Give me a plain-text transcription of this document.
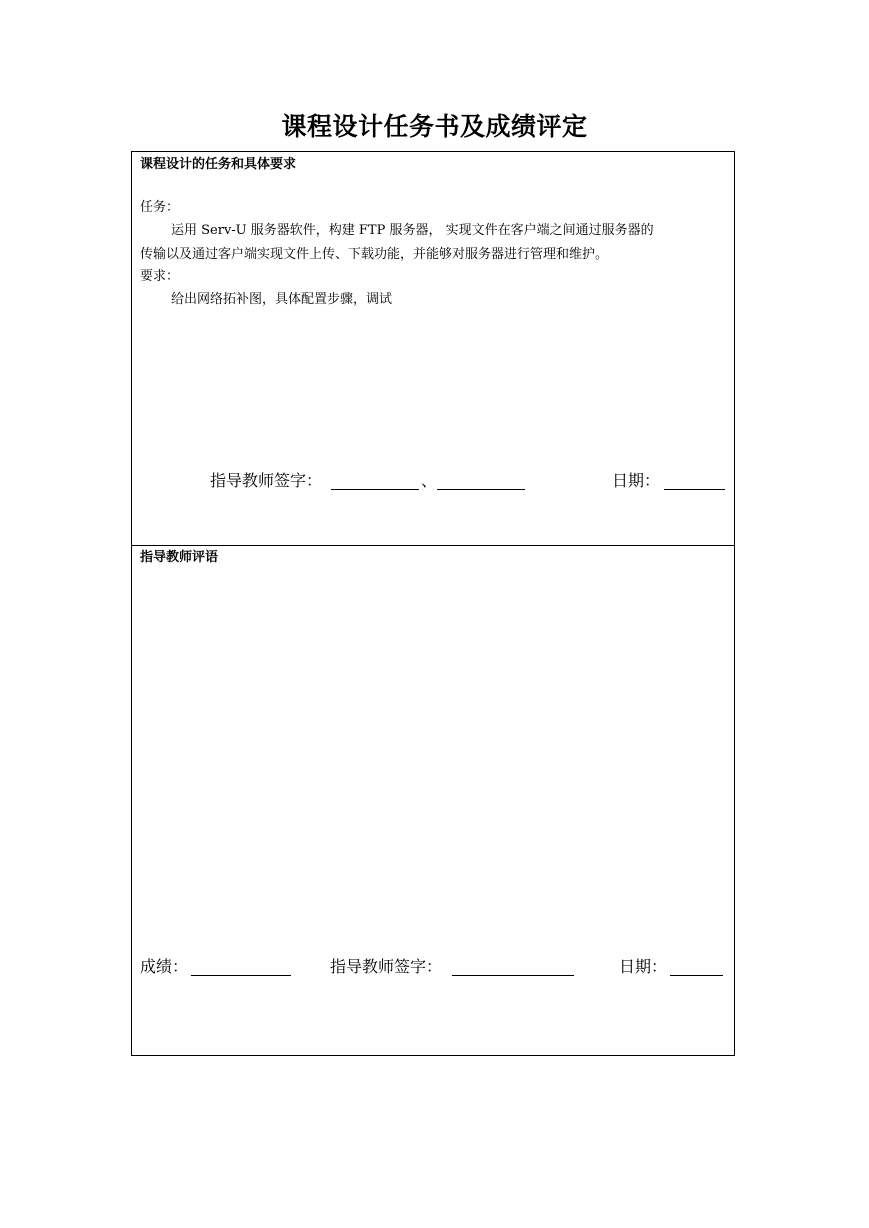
课程设计任务书及成绩评定
课程设计的任务和具体要求
任务：
运用 Serv-U 服务器软件，构建 FTP 服务器， 实现文件在客户端之间通过服务器的
传输以及通过客户端实现文件上传、下载功能，并能够对服务器进行管理和维护。
要求：
给出网络拓补图，具体配置步骤，调试
指导教师签字：	、	日期：
指导教师评语
成绩：	指导教师签字：	日期：
